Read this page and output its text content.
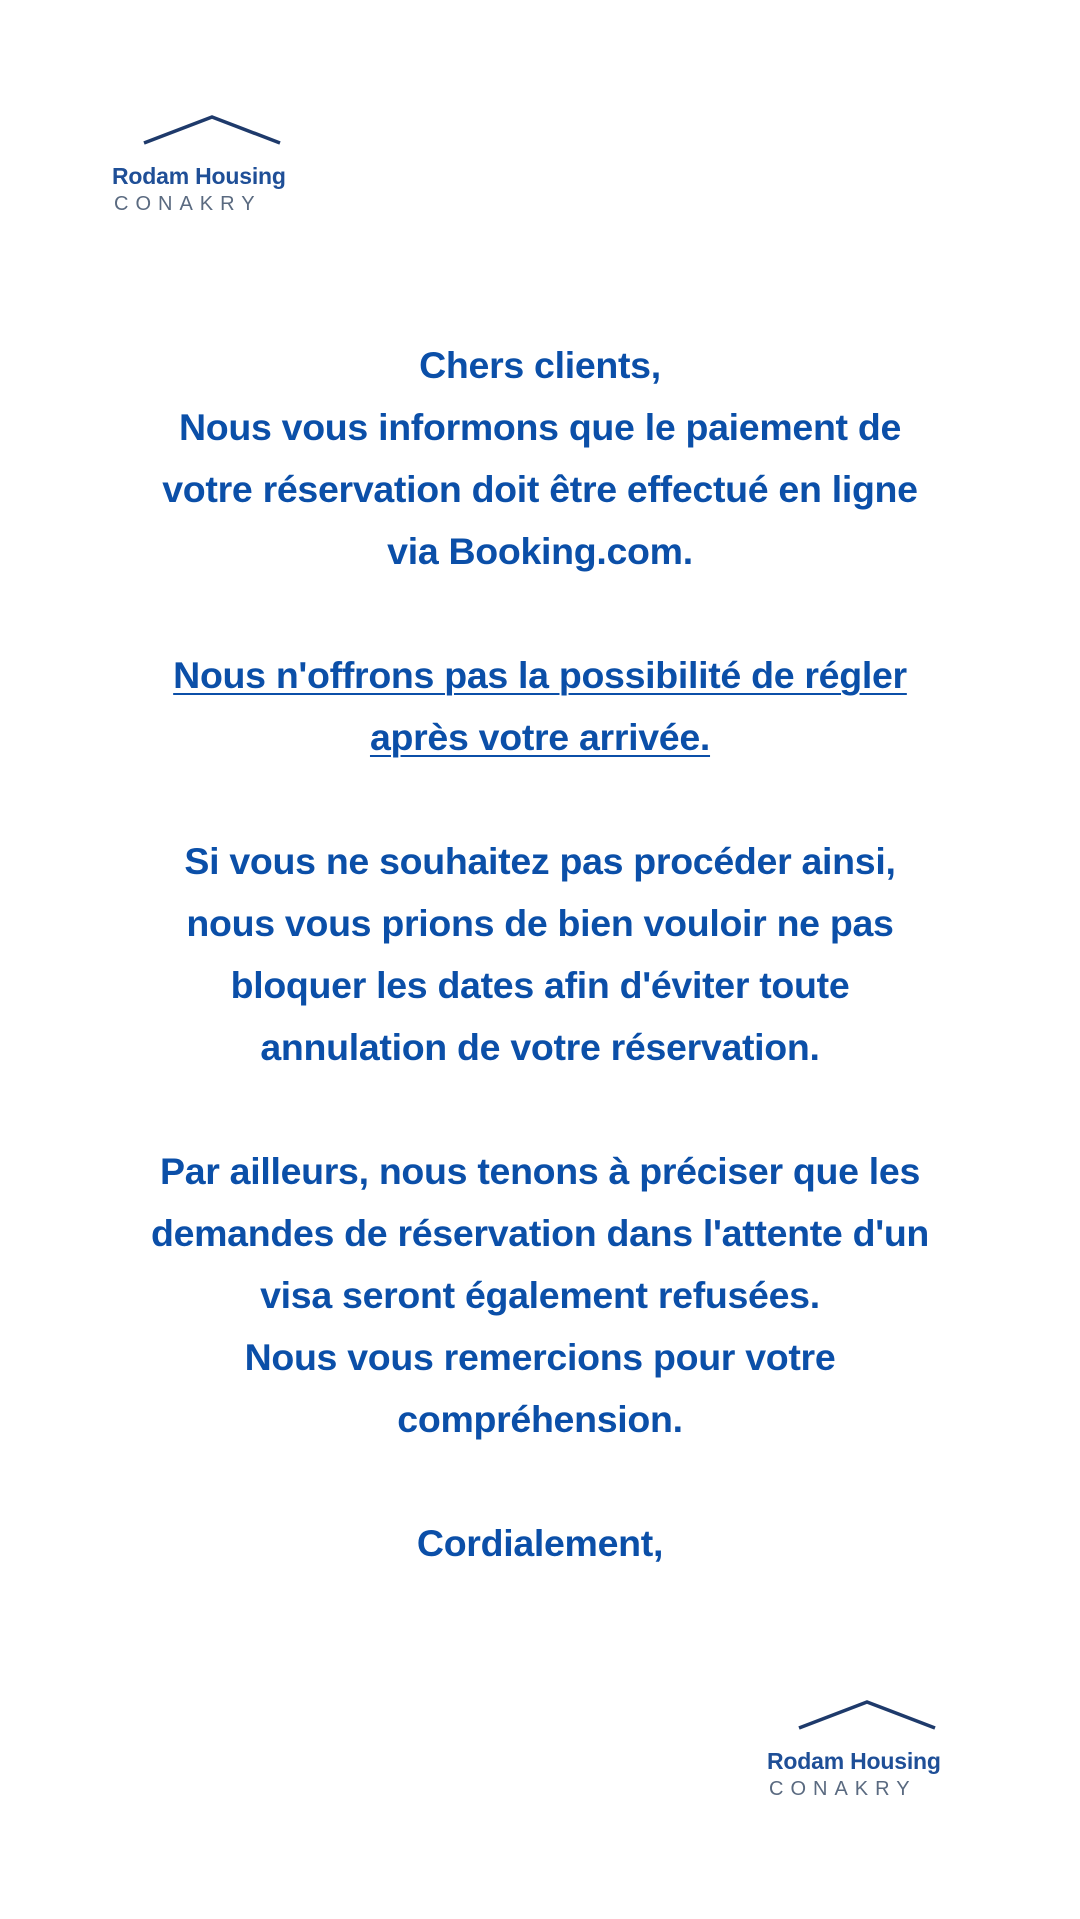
Rodam Housing
CONAKRY

Chers clients,

Nous vous informons que le paiement de

votre réservation doit être effectué en ligne

via Booking.com.

Nous n'offrons pas la possibilité de régler

après votre arrivée.

Si vous ne souhaitez pas procéder ainsi,

nous vous prions de bien vouloir ne pas

bloquer les dates afin d'éviter toute

annulation de votre réservation.

Par ailleurs, nous tenons à préciser que les

demandes de réservation dans l'attente d'un

visa seront également refusées.

Nous vous remercions pour votre

compréhension.

Cordialement,

Rodam Housing
CONAKRY
